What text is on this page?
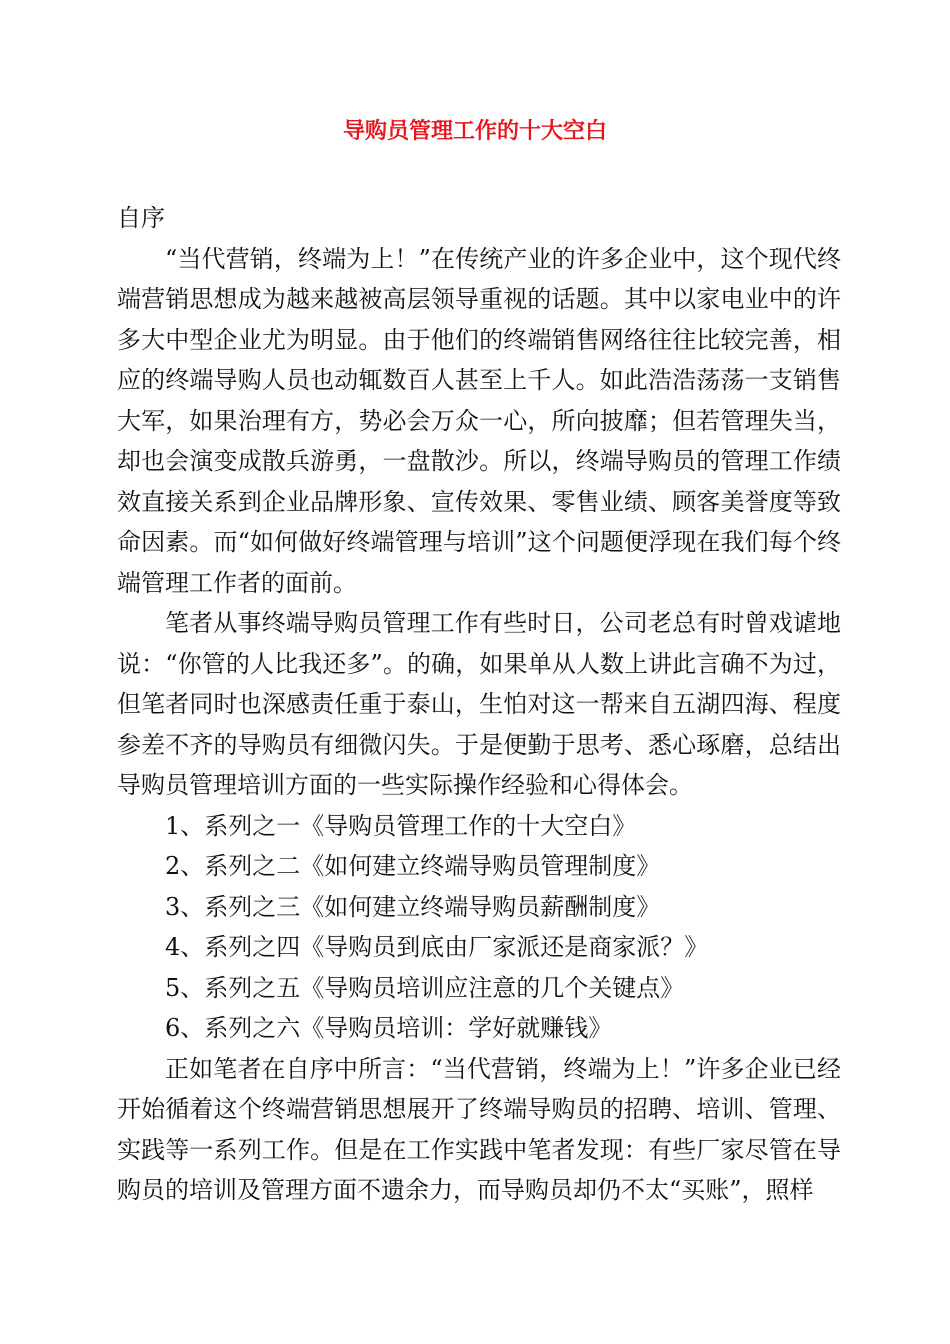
导购员管理工作的十大空白

自序

“当代营销，终端为上！”在传统产业的许多企业中，这个现代终端营销思想成为越来越被高层领导重视的话题。其中以家电业中的许多大中型企业尤为明显。由于他们的终端销售网络往往比较完善，相应的终端导购人员也动辄数百人甚至上千人。如此浩浩荡荡一支销售大军，如果治理有方，势必会万众一心，所向披靡；但若管理失当，却也会演变成散兵游勇，一盘散沙。所以，终端导购员的管理工作绩效直接关系到企业品牌形象、宣传效果、零售业绩、顾客美誉度等致命因素。而“如何做好终端管理与培训”这个问题便浮现在我们每个终端管理工作者的面前。

笔者从事终端导购员管理工作有些时日，公司老总有时曾戏谑地说：“你管的人比我还多”。的确，如果单从人数上讲此言确不为过，但笔者同时也深感责任重于泰山，生怕对这一帮来自五湖四海、程度参差不齐的导购员有细微闪失。于是便勤于思考、悉心琢磨，总结出导购员管理培训方面的一些实际操作经验和心得体会。

1、系列之一《导购员管理工作的十大空白》

2、系列之二《如何建立终端导购员管理制度》

3、系列之三《如何建立终端导购员薪酬制度》

4、系列之四《导购员到底由厂家派还是商家派？》

5、系列之五《导购员培训应注意的几个关键点》

6、系列之六《导购员培训：学好就赚钱》

正如笔者在自序中所言：“当代营销，终端为上！”许多企业已经开始循着这个终端营销思想展开了终端导购员的招聘、培训、管理、实践等一系列工作。但是在工作实践中笔者发现：有些厂家尽管在导购员的培训及管理方面不遗余力，而导购员却仍不太“买账”，照样
